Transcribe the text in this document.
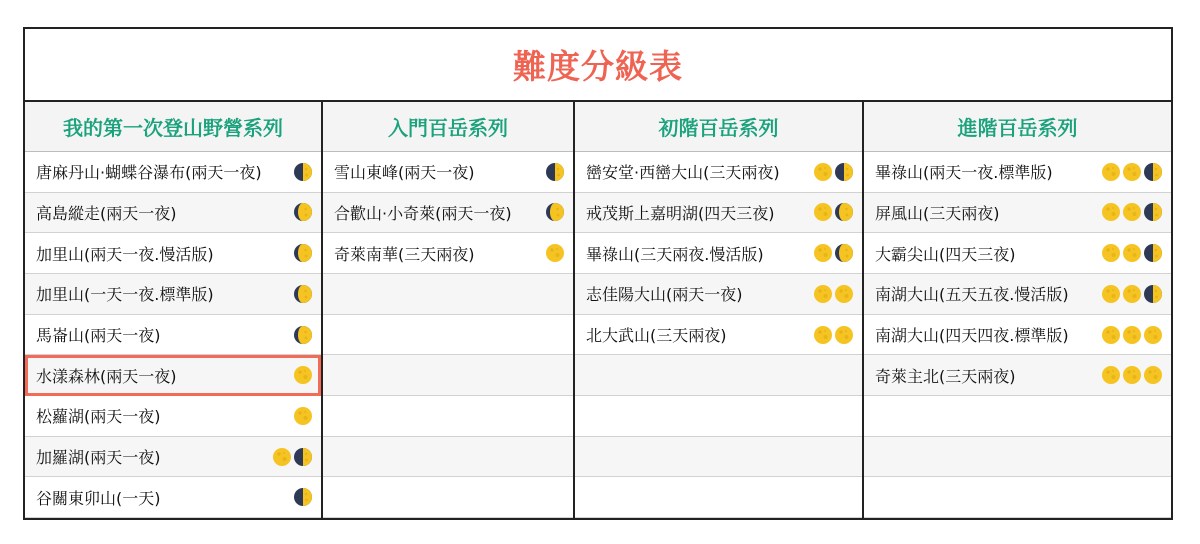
難度分級表
我的第一次登山野營系列
唐麻丹山·蝴蝶谷瀑布(兩天一夜)
高島縱走(兩天一夜)
加里山(兩天一夜.慢活版)
加里山(一天一夜.標準版)
馬崙山(兩天一夜)
水漾森林(兩天一夜)
松蘿湖(兩天一夜)
加羅湖(兩天一夜)
谷關東卯山(一天)
入門百岳系列
雪山東峰(兩天一夜)
合歡山·小奇萊(兩天一夜)
奇萊南華(三天兩夜)
初階百岳系列
巒安堂·西巒大山(三天兩夜)
戒茂斯上嘉明湖(四天三夜)
畢祿山(三天兩夜.慢活版)
志佳陽大山(兩天一夜)
北大武山(三天兩夜)
進階百岳系列
畢祿山(兩天一夜.標準版)
屏風山(三天兩夜)
大霸尖山(四天三夜)
南湖大山(五天五夜.慢活版)
南湖大山(四天四夜.標準版)
奇萊主北(三天兩夜)
